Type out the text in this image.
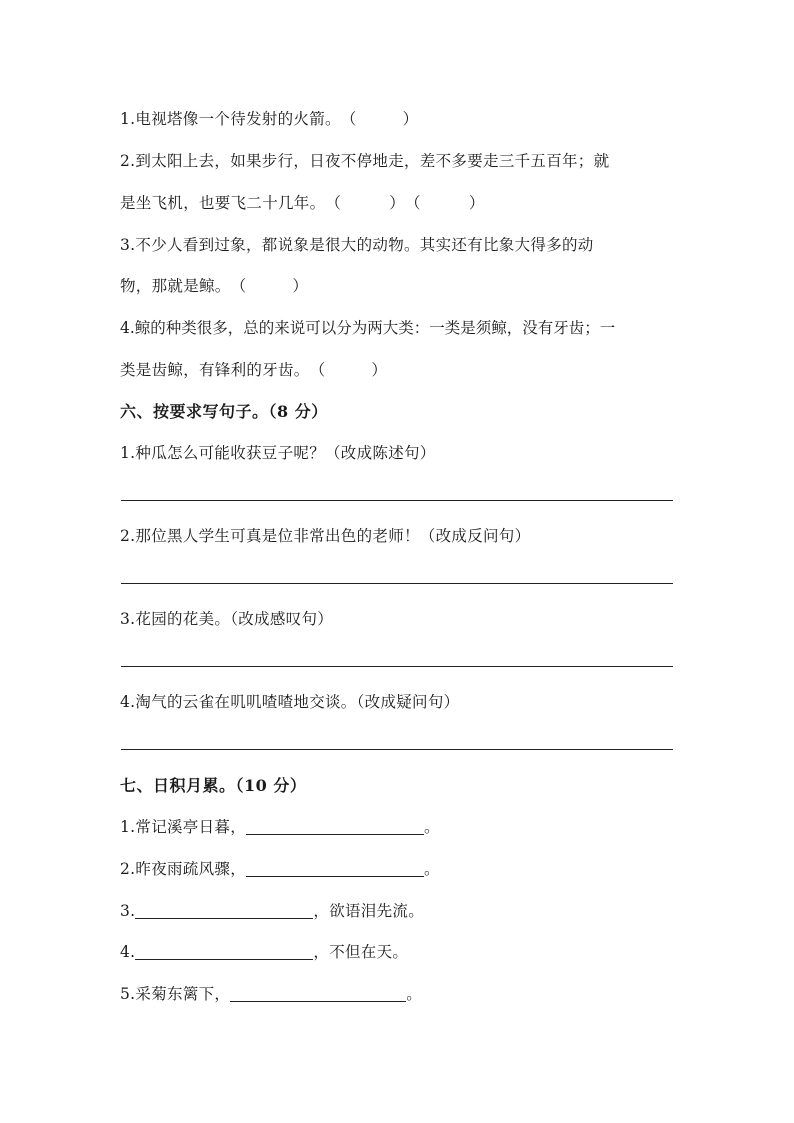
1.电视塔像一个待发射的火箭。（	）
2.到太阳上去，如果步行，日夜不停地走，差不多要走三千五百年；就
是坐飞机，也要飞二十几年。（	）（	）
3.不少人看到过象，都说象是很大的动物。其实还有比象大得多的动
物，那就是鲸。（	）
4.鲸的种类很多，总的来说可以分为两大类：一类是须鲸，没有牙齿；一
类是齿鲸，有锋利的牙齿。（	）
六、按要求写句子。（8 分）
1.种瓜怎么可能收获豆子呢？（改成陈述句）
2.那位黑人学生可真是位非常出色的老师！（改成反问句）
3.花园的花美。（改成感叹句）
4.淘气的云雀在叽叽喳喳地交谈。（改成疑问句）
七、日积月累。（10 分）
1.常记溪亭日暮，	。
2.昨夜雨疏风骤，	。
3.	，欲语泪先流。
4.	，不但在天。
5.采菊东篱下，	。
